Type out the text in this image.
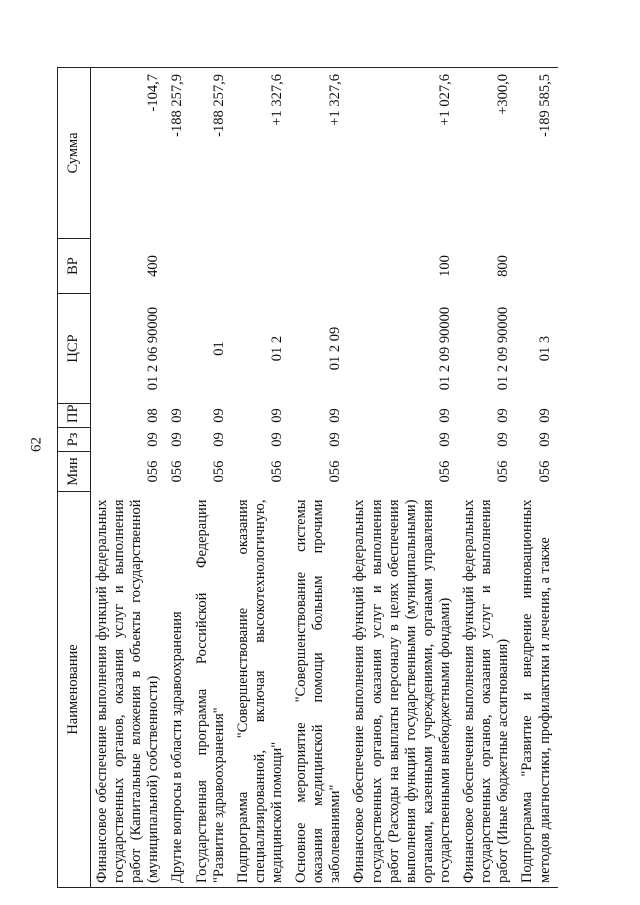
62
Наименование	Мин	Рз	ПР	ЦСР	ВР	Сумма
Финансовое обеспечение выполнения функций федеральных государственных органов, оказания услуг и выполнения работ (Капитальные вложения в объекты государственной (муниципальной) собственности)	056	09	08	01 2 06 90000	400	-104,7
Другие вопросы в области здравоохранения	056	09	09			-188 257,9
Государственная программа Российской Федерации "Развитие здравоохранения"	056	09	09	01		-188 257,9
Подпрограмма "Совершенствование оказания специализированной, включая высокотехнологичную, медицинской помощи"	056	09	09	01 2		+1 327,6
Основное мероприятие "Совершенствование системы оказания медицинской помощи больным прочими заболеваниями"	056	09	09	01 2 09		+1 327,6
Финансовое обеспечение выполнения функций федеральных государственных органов, оказания услуг и выполнения работ (Расходы на выплаты персоналу в целях обеспечения выполнения функций государственными (муниципальными) органами, казенными учреждениями, органами управления государственными внебюджетными фондами)	056	09	09	01 2 09 90000	100	+1 027,6
Финансовое обеспечение выполнения функций федеральных государственных органов, оказания услуг и выполнения работ (Иные бюджетные ассигнования)	056	09	09	01 2 09 90000	800	+300,0
Подпрограмма "Развитие и внедрение инновационных методов диагностики, профилактики и лечения, а также	056	09	09	01 3		-189 585,5
